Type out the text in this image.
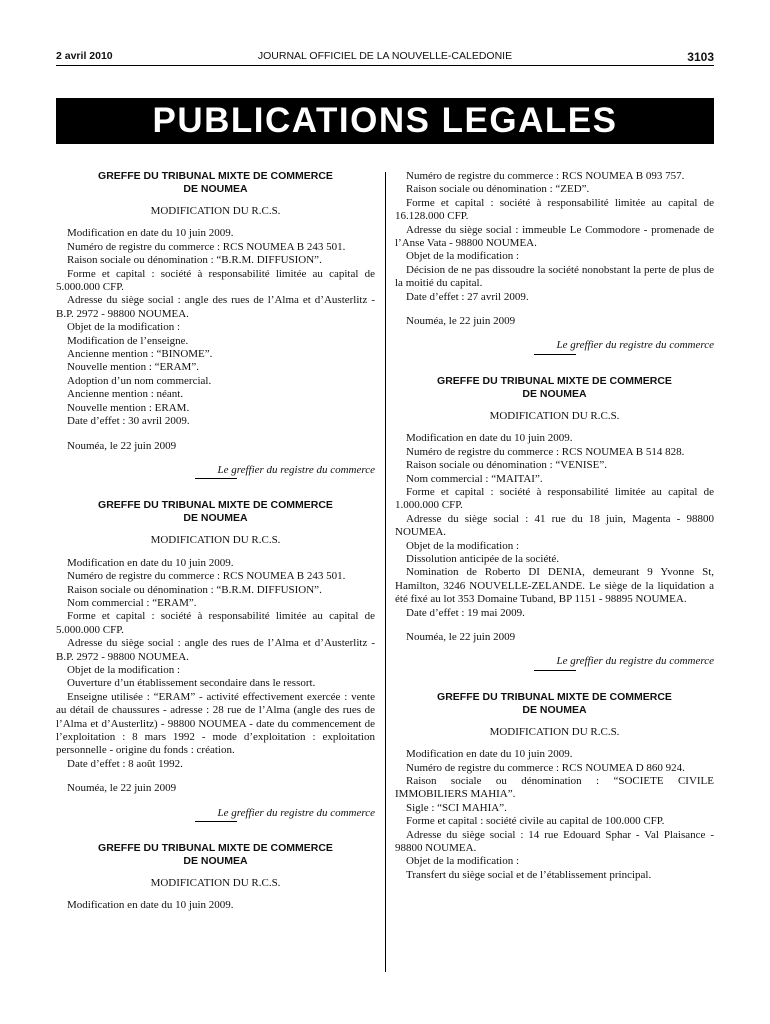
2 avril 2010	JOURNAL OFFICIEL DE LA NOUVELLE-CALEDONIE	3103
PUBLICATIONS LEGALES
GREFFE DU TRIBUNAL MIXTE DE COMMERCE
DE NOUMEA
MODIFICATION DU R.C.S.
Modification en date du 10 juin 2009.
Numéro de registre du commerce : RCS NOUMEA B 243 501.
Raison sociale ou dénomination : “B.R.M. DIFFUSION”.
Forme et capital : société à responsabilité limitée au capital de 5.000.000 CFP.
Adresse du siège social : angle des rues de l’Alma et d’Austerlitz - B.P. 2972 - 98800 NOUMEA.
Objet de la modification :
Modification de l’enseigne.
Ancienne mention : “BINOME”.
Nouvelle mention : “ERAM”.
Adoption d’un nom commercial.
Ancienne mention : néant.
Nouvelle mention : ERAM.
Date d’effet : 30 avril 2009.
Nouméa, le 22 juin 2009
Le greffier du registre du commerce
GREFFE DU TRIBUNAL MIXTE DE COMMERCE
DE NOUMEA
MODIFICATION DU R.C.S.
Modification en date du 10 juin 2009.
Numéro de registre du commerce : RCS NOUMEA B 243 501.
Raison sociale ou dénomination : “B.R.M. DIFFUSION”.
Nom commercial : “ERAM”.
Forme et capital : société à responsabilité limitée au capital de 5.000.000 CFP.
Adresse du siège social : angle des rues de l’Alma et d’Austerlitz - B.P. 2972 - 98800 NOUMEA.
Objet de la modification :
Ouverture d’un établissement secondaire dans le ressort.
Enseigne utilisée : “ERAM” - activité effectivement exercée : vente au détail de chaussures - adresse : 28 rue de l’Alma (angle des rues de l’Alma et d’Austerlitz) - 98800 NOUMEA - date du commencement de l’exploitation : 8 mars 1992 - mode d’exploitation : exploitation personnelle - origine du fonds : création.
Date d’effet : 8 août 1992.
Nouméa, le 22 juin 2009
Le greffier du registre du commerce
GREFFE DU TRIBUNAL MIXTE DE COMMERCE
DE NOUMEA
MODIFICATION DU R.C.S.
Modification en date du 10 juin 2009.
Numéro de registre du commerce : RCS NOUMEA B 093 757.
Raison sociale ou dénomination : “ZED”.
Forme et capital : société à responsabilité limitée au capital de 16.128.000 CFP.
Adresse du siège social : immeuble Le Commodore - promenade de l’Anse Vata - 98800 NOUMEA.
Objet de la modification :
Décision de ne pas dissoudre la société nonobstant la perte de plus de la moitié du capital.
Date d’effet : 27 avril 2009.
Nouméa, le 22 juin 2009
Le greffier du registre du commerce
GREFFE DU TRIBUNAL MIXTE DE COMMERCE
DE NOUMEA
MODIFICATION DU R.C.S.
Modification en date du 10 juin 2009.
Numéro de registre du commerce : RCS NOUMEA B 514 828.
Raison sociale ou dénomination : “VENISE”.
Nom commercial : “MAITAI”.
Forme et capital : société à responsabilité limitée au capital de 1.000.000 CFP.
Adresse du siège social : 41 rue du 18 juin, Magenta - 98800 NOUMEA.
Objet de la modification :
Dissolution anticipée de la société.
Nomination de Roberto DI DENIA, demeurant 9 Yvonne St, Hamilton, 3246 NOUVELLE-ZELANDE. Le siège de la liquidation a été fixé au lot 353 Domaine Tuband, BP 1151 - 98895 NOUMEA.
Date d’effet : 19 mai 2009.
Nouméa, le 22 juin 2009
Le greffier du registre du commerce
GREFFE DU TRIBUNAL MIXTE DE COMMERCE
DE NOUMEA
MODIFICATION DU R.C.S.
Modification en date du 10 juin 2009.
Numéro de registre du commerce : RCS NOUMEA D 860 924.
Raison sociale ou dénomination : “SOCIETE CIVILE IMMOBILIERS MAHIA”.
Sigle : “SCI MAHIA”.
Forme et capital : société civile au capital de 100.000 CFP.
Adresse du siège social : 14 rue Edouard Sphar - Val Plaisance - 98800 NOUMEA.
Objet de la modification :
Transfert du siège social et de l’établissement principal.
